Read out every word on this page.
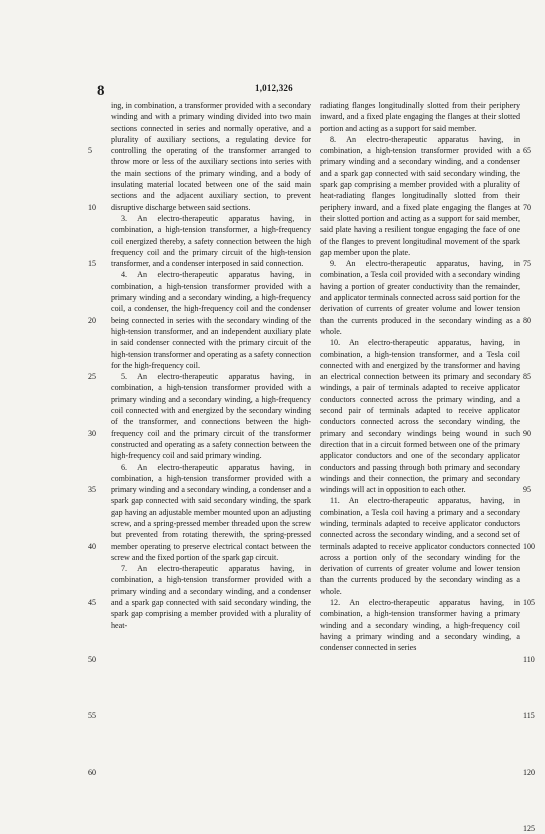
8	1,012,326
5
10
15
20
25
30
35
40
45
50
55
60

ing, in combination, a transformer provided with a secondary winding and with a primary winding divided into two main sections connected in series and normally operative, and a plurality of auxiliary sections, a regulating device for controlling the operating of the transformer arranged to throw more or less of the auxiliary sections into series with the main sections of the primary winding, and a body of insulating material located between one of the said main sections and the adjacent auxiliary section, to prevent disruptive discharge between said sections.

3. An electro-therapeutic apparatus having, in combination, a high-tension transformer, a high-frequency coil energized thereby, a safety connection between the high frequency coil and the primary circuit of the high-tension transformer, and a condenser interposed in said connection.

4. An electro-therapeutic apparatus having, in combination, a high-tension transformer provided with a primary winding and a secondary winding, a high-frequency coil, a condenser, the high-frequency coil and the condenser being connected in series with the secondary winding of the high-tension transformer, and an independent auxiliary plate in said condenser connected with the primary circuit of the high-tension transformer and operating as a safety connection for the high-frequency coil.

5. An electro-therapeutic apparatus having, in combination, a high-tension transformer provided with a primary winding and a secondary winding, a high-frequency coil connected with and energized by the secondary winding of the transformer, and connections between the high-frequency coil and the primary circuit of the transformer constructed and operating as a safety connection between the high-frequency coil and said primary winding.

6. An electro-therapeutic apparatus having, in combination, a high-tension transformer provided with a primary winding and a secondary winding, a condenser and a spark gap connected with said secondary winding, the spark gap having an adjustable member mounted upon an adjusting screw, and a spring-pressed member threaded upon the screw but prevented from rotating therewith, the spring-pressed member operating to preserve electrical contact between the screw and the fixed portion of the spark gap circuit.

7. An electro-therapeutic apparatus having, in combination, a high-tension transformer provided with a primary winding and a secondary winding, and a condenser and a spark gap connected with said secondary winding, the spark gap comprising a member provided with a plurality of heat-

radiating flanges longitudinally slotted from their periphery inward, and a fixed plate engaging the flanges at their slotted portion and acting as a support for said member.

8. An electro-therapeutic apparatus having, in combination, a high-tension transformer provided with a primary winding and a secondary winding, and a condenser and a spark gap connected with said secondary winding, the spark gap comprising a member provided with a plurality of heat-radiating flanges longitudinally slotted from their periphery inward, and a fixed plate engaging the flanges at their slotted portion and acting as a support for said member, said plate having a resilient tongue engaging the face of one of the flanges to prevent longitudinal movement of the spark gap member upon the plate.

9. An electro-therapeutic apparatus, having, in combination, a Tesla coil provided with a secondary winding having a portion of greater conductivity than the remainder, and applicator terminals connected across said portion for the derivation of currents of greater volume and lower tension than the currents produced in the secondary winding as a whole.

10. An electro-therapeutic apparatus, having, in combination, a high-tension transformer, and a Tesla coil connected with and energized by the transformer and having an electrical connection between its primary and secondary windings, a pair of terminals adapted to receive applicator conductors connected across the primary winding, and a second pair of terminals adapted to receive applicator conductors connected across the secondary winding, the primary and secondary windings being wound in such direction that in a circuit formed between one of the primary applicator conductors and one of the secondary applicator conductors and passing through both primary and secondary windings and their connection, the primary and secondary windings will act in opposition to each other.

11. An electro-therapeutic apparatus, having, in combination, a Tesla coil having a primary and a secondary winding, terminals adapted to receive applicator conductors connected across the secondary winding, and a second set of terminals adapted to receive applicator conductors connected across a portion only of the secondary winding for the derivation of currents of greater volume and lower tension than the currents produced by the secondary winding as a whole.

12. An electro-therapeutic apparatus having, in combination, a high-tension transformer having a primary winding and a secondary winding, a high-frequency coil having a primary winding and a secondary winding, a condenser connected in series

65
70
75
80
85
90
95
100
105
110
115
120
125
